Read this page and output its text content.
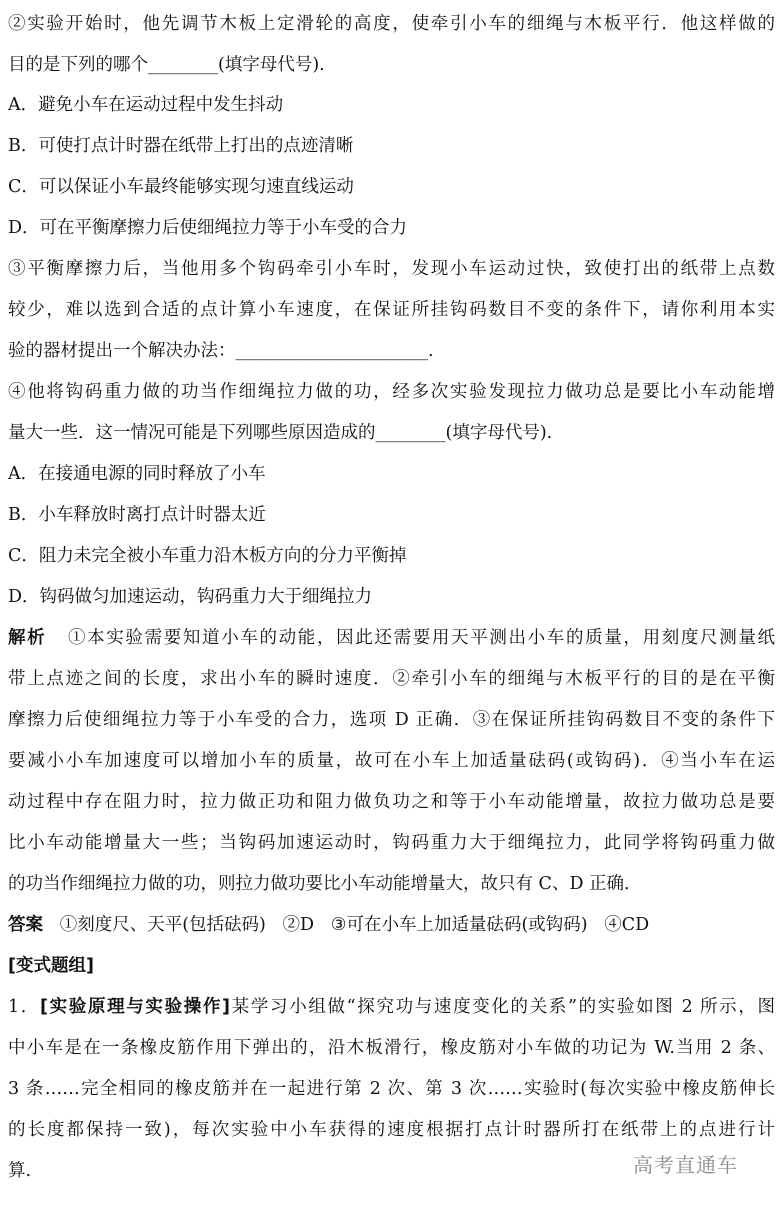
②实验开始时，他先调节木板上定滑轮的高度，使牵引小车的细绳与木板平行．他这样做的
目的是下列的哪个________(填字母代号).
A．避免小车在运动过程中发生抖动
B．可使打点计时器在纸带上打出的点迹清晰
C．可以保证小车最终能够实现匀速直线运动
D．可在平衡摩擦力后使细绳拉力等于小车受的合力
③平衡摩擦力后，当他用多个钩码牵引小车时，发现小车运动过快，致使打出的纸带上点数
较少，难以选到合适的点计算小车速度，在保证所挂钩码数目不变的条件下，请你利用本实
验的器材提出一个解决办法：______________________.
④他将钩码重力做的功当作细绳拉力做的功，经多次实验发现拉力做功总是要比小车动能增
量大一些．这一情况可能是下列哪些原因造成的________(填字母代号).
A．在接通电源的同时释放了小车
B．小车释放时离打点计时器太近
C．阻力未完全被小车重力沿木板方向的分力平衡掉
D．钩码做匀加速运动，钩码重力大于细绳拉力
解析 ①本实验需要知道小车的动能，因此还需要用天平测出小车的质量，用刻度尺测量纸
带上点迹之间的长度，求出小车的瞬时速度．②牵引小车的细绳与木板平行的目的是在平衡
摩擦力后使细绳拉力等于小车受的合力，选项 D 正确．③在保证所挂钩码数目不变的条件下
要减小小车加速度可以增加小车的质量，故可在小车上加适量砝码(或钩码)．④当小车在运
动过程中存在阻力时，拉力做正功和阻力做负功之和等于小车动能增量，故拉力做功总是要
比小车动能增量大一些；当钩码加速运动时，钩码重力大于细绳拉力，此同学将钩码重力做
的功当作细绳拉力做的功，则拉力做功要比小车动能增量大，故只有 C、D 正确．
答案 ①刻度尺、天平(包括砝码)   ②D   ③可在小车上加适量砝码(或钩码)   ④CD
[变式题组]
1．[实验原理与实验操作]某学习小组做“探究功与速度变化的关系”的实验如图 2 所示，图
中小车是在一条橡皮筋作用下弹出的，沿木板滑行，橡皮筋对小车做的功记为 W.当用 2 条、
3 条……完全相同的橡皮筋并在一起进行第 2 次、第 3 次……实验时(每次实验中橡皮筋伸长
的长度都保持一致)，每次实验中小车获得的速度根据打点计时器所打在纸带上的点进行计
算.	高考直通车
